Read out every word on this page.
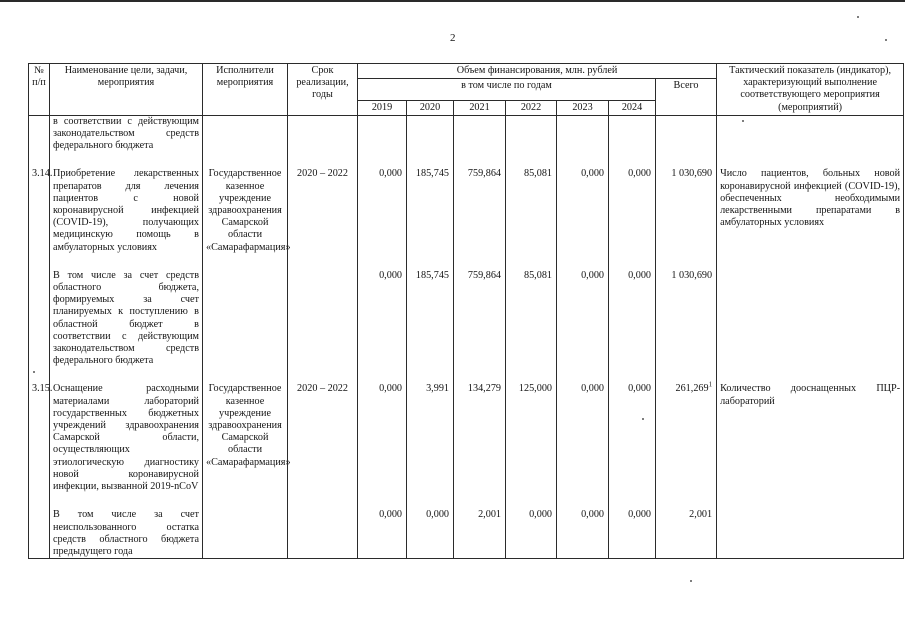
2
№ п/п	Наименование цели, задачи, мероприятия	Исполнители мероприятия	Срок реализации, годы	Объем финансирования, млн. рублей							Тактический показатель (индикатор), характеризующий выполнение соответствующего мероприятия (мероприятий)
				в том числе по годам						Всего	
				2019	2020	2021	2022	2023	2024		
	в соответствии с действующим законодательством средств федерального бюджета										

3.14.	Приобретение лекарственных препаратов для лечения пациентов с новой коронавирусной инфекцией (COVID-19), получающих медицинскую помощь в амбулаторных условиях	Государственное казенное учреждение здравоохранения Самарской области «Самарафармация»	2020 – 2022	0,000	185,745	759,864	85,081	0,000	0,000	1 030,690	Число пациентов, больных новой коронавирусной инфекцией (COVID-19), обеспеченных необходимыми лекарственными препаратами в амбулаторных условиях

	В том числе за счет средств областного бюджета, формируемых за счет планируемых к поступлению в областной бюджет в соответствии с действующим законодательством средств федерального бюджета			0,000	185,745	759,864	85,081	0,000	0,000	1 030,690	

3.15.	Оснащение расходными материалами лабораторий государственных бюджетных учреждений здравоохранения Самарской области, осуществляющих этиологическую диагностику новой коронавирусной инфекции, вызванной 2019-nCoV	Государственное казенное учреждение здравоохранения Самарской области «Самарафармация»	2020 – 2022	0,000	3,991	134,279	125,000	0,000	0,000	261,269$^1$	Количество дооснащенных ПЦР-лабораторий

	В том числе за счет неиспользованного остатка средств областного бюджета предыдущего года			0,000	0,000	2,001	0,000	0,000	0,000	2,001	
